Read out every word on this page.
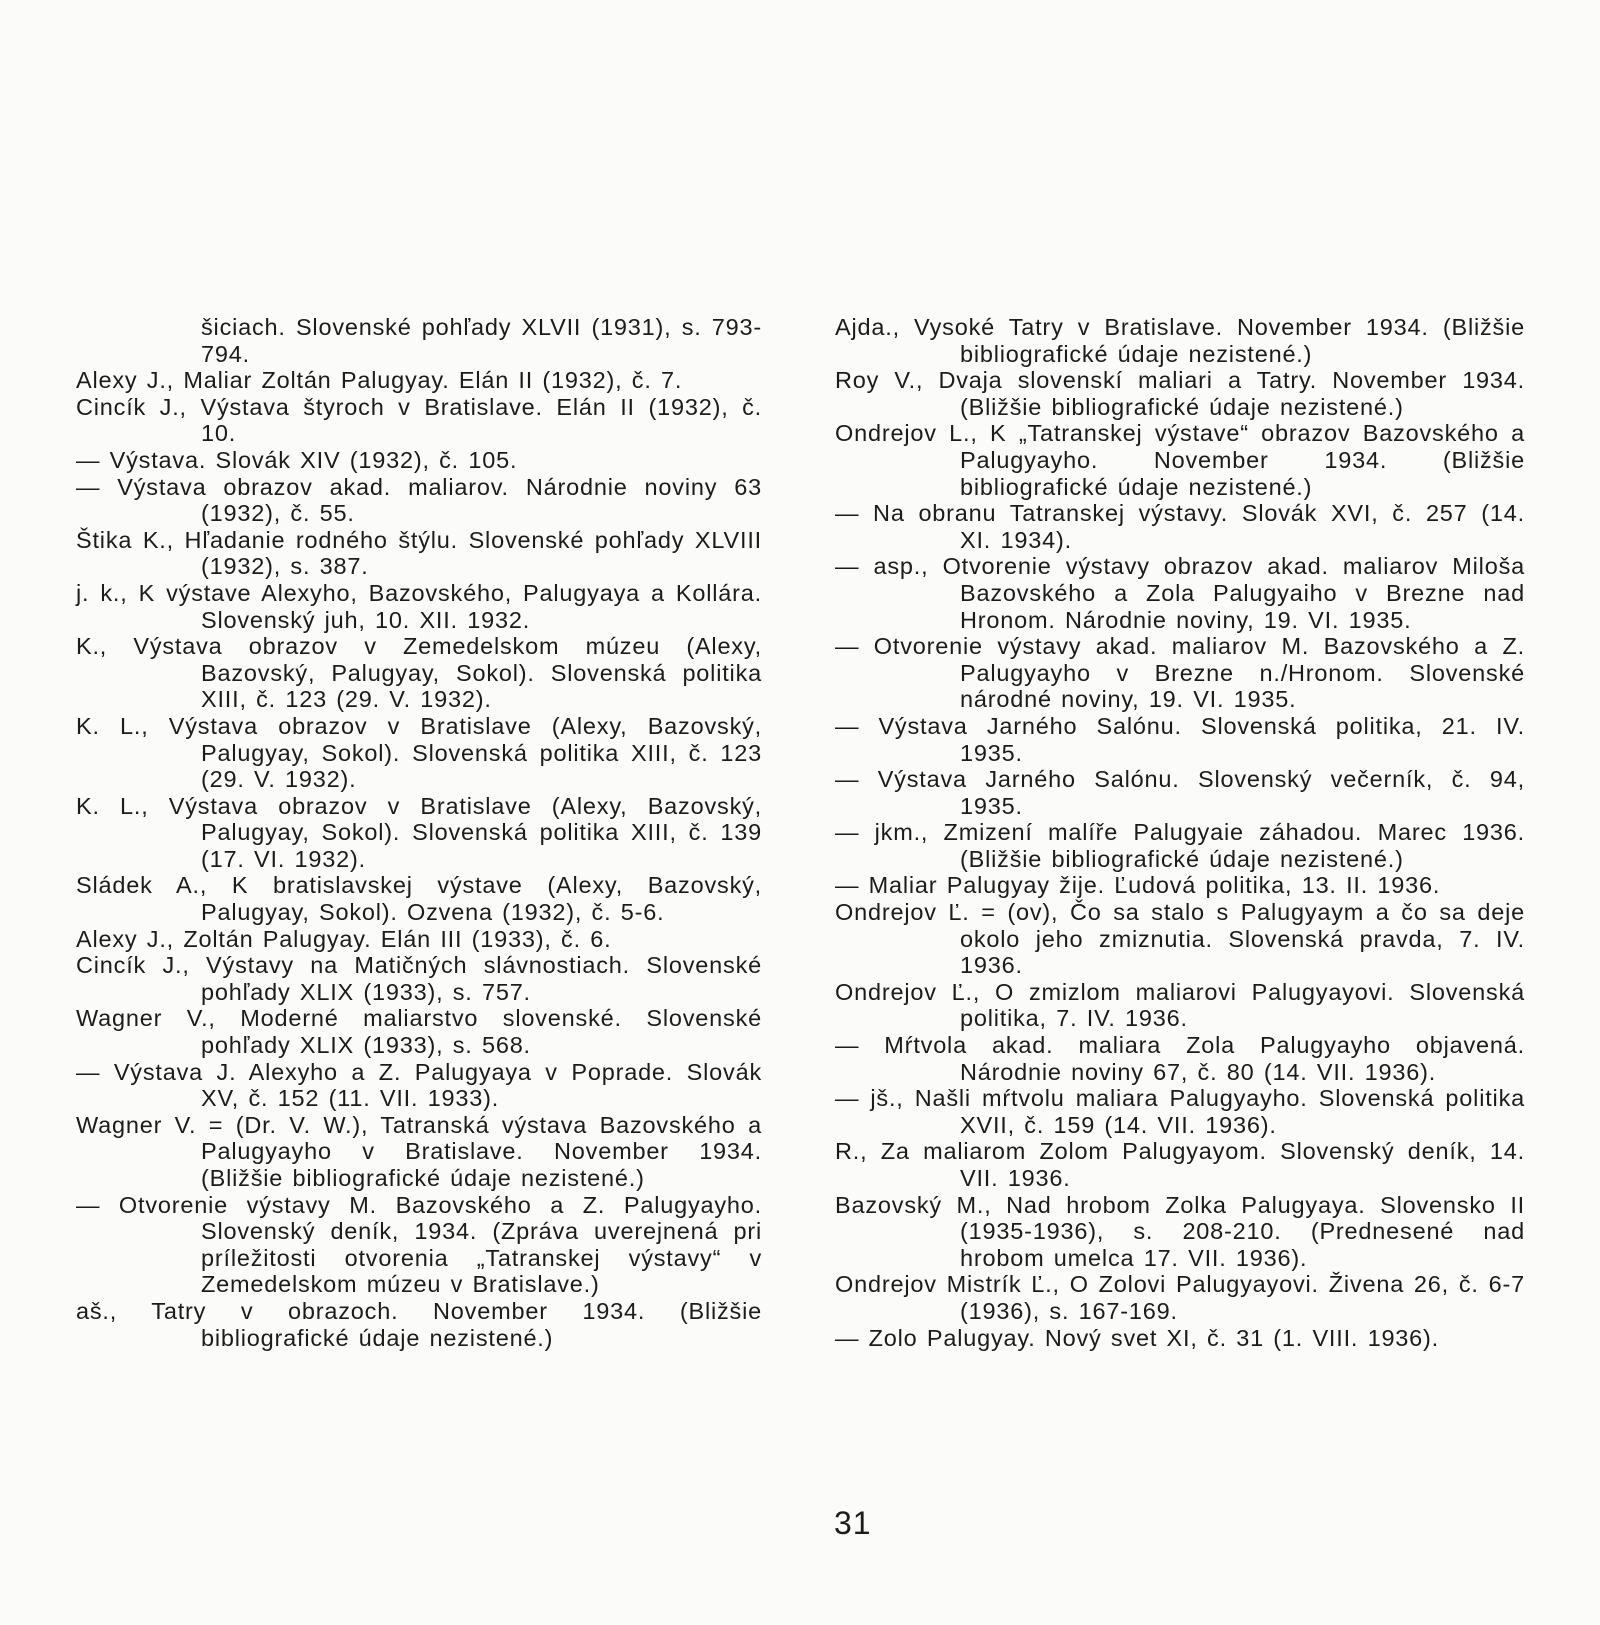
šiciach. Slovenské pohľady XLVII (1931), s. 793-794.

Alexy J., Maliar Zoltán Palugyay. Elán II (1932), č. 7.

Cincík J., Výstava štyroch v Bratislave. Elán II (1932), č. 10.

— Výstava. Slovák XIV (1932), č. 105.

— Výstava obrazov akad. maliarov. Národnie noviny 63 (1932), č. 55.

Štika K., Hľadanie rodného štýlu. Slovenské pohľady XLVIII (1932), s. 387.

j. k., K výstave Alexyho, Bazovského, Palugyaya a Kollára. Slovenský juh, 10. XII. 1932.

K., Výstava obrazov v Zemedelskom múzeu (Alexy, Bazovský, Palugyay, Sokol). Slovenská politika XIII, č. 123 (29. V. 1932).

K. L., Výstava obrazov v Bratislave (Alexy, Bazovský, Palugyay, Sokol). Slovenská politika XIII, č. 123 (29. V. 1932).

K. L., Výstava obrazov v Bratislave (Alexy, Bazovský, Palugyay, Sokol). Slovenská politika XIII, č. 139 (17. VI. 1932).

Sládek A., K bratislavskej výstave (Alexy, Bazovský, Palugyay, Sokol). Ozvena (1932), č. 5-6.

Alexy J., Zoltán Palugyay. Elán III (1933), č. 6.

Cincík J., Výstavy na Matičných slávnostiach. Slovenské pohľady XLIX (1933), s. 757.

Wagner V., Moderné maliarstvo slovenské. Slovenské pohľady XLIX (1933), s. 568.

— Výstava J. Alexyho a Z. Palugyaya v Poprade. Slovák XV, č. 152 (11. VII. 1933).

Wagner V. = (Dr. V. W.), Tatranská výstava Bazovského a Palugyayho v Bratislave. November 1934. (Bližšie bibliografické údaje nezistené.)

— Otvorenie výstavy M. Bazovského a Z. Palugyayho. Slovenský deník, 1934. (Zpráva uverejnená pri príležitosti otvorenia „Tatranskej výstavy“ v Zemedelskom múzeu v Bratislave.)

aš., Tatry v obrazoch. November 1934. (Bližšie bibliografické údaje nezistené.)

Ajda., Vysoké Tatry v Bratislave. November 1934. (Bližšie bibliografické údaje nezistené.)

Roy V., Dvaja slovenskí maliari a Tatry. November 1934. (Bližšie bibliografické údaje nezistené.)

Ondrejov L., K „Tatranskej výstave“ obrazov Bazovského a Palugyayho. November 1934. (Bližšie bibliografické údaje nezistené.)

— Na obranu Tatranskej výstavy. Slovák XVI, č. 257 (14. XI. 1934).

— asp., Otvorenie výstavy obrazov akad. maliarov Miloša Bazovského a Zola Palugyaiho v Brezne nad Hronom. Národnie noviny, 19. VI. 1935.

— Otvorenie výstavy akad. maliarov M. Bazovského a Z. Palugyayho v Brezne n./Hronom. Slovenské národné noviny, 19. VI. 1935.

— Výstava Jarného Salónu. Slovenská politika, 21. IV. 1935.

— Výstava Jarného Salónu. Slovenský večerník, č. 94, 1935.

— jkm., Zmizení malíře Palugyaie záhadou. Marec 1936. (Bližšie bibliografické údaje nezistené.)

— Maliar Palugyay žije. Ľudová politika, 13. II. 1936.

Ondrejov Ľ. = (ov), Čo sa stalo s Palugyaym a čo sa deje okolo jeho zmiznutia. Slovenská pravda, 7. IV. 1936.

Ondrejov Ľ., O zmizlom maliarovi Palugyayovi. Slovenská politika, 7. IV. 1936.

— Mŕtvola akad. maliara Zola Palugyayho objavená. Národnie noviny 67, č. 80 (14. VII. 1936).

— jš., Našli mŕtvolu maliara Palugyayho. Slovenská politika XVII, č. 159 (14. VII. 1936).

R., Za maliarom Zolom Palugyayom. Slovenský deník, 14. VII. 1936.

Bazovský M., Nad hrobom Zolka Palugyaya. Slovensko II (1935-1936), s. 208-210. (Prednesené nad hrobom umelca 17. VII. 1936).

Ondrejov Mistrík Ľ., O Zolovi Palugyayovi. Živena 26, č. 6-7 (1936), s. 167-169.

— Zolo Palugyay. Nový svet XI, č. 31 (1. VIII. 1936).

31
